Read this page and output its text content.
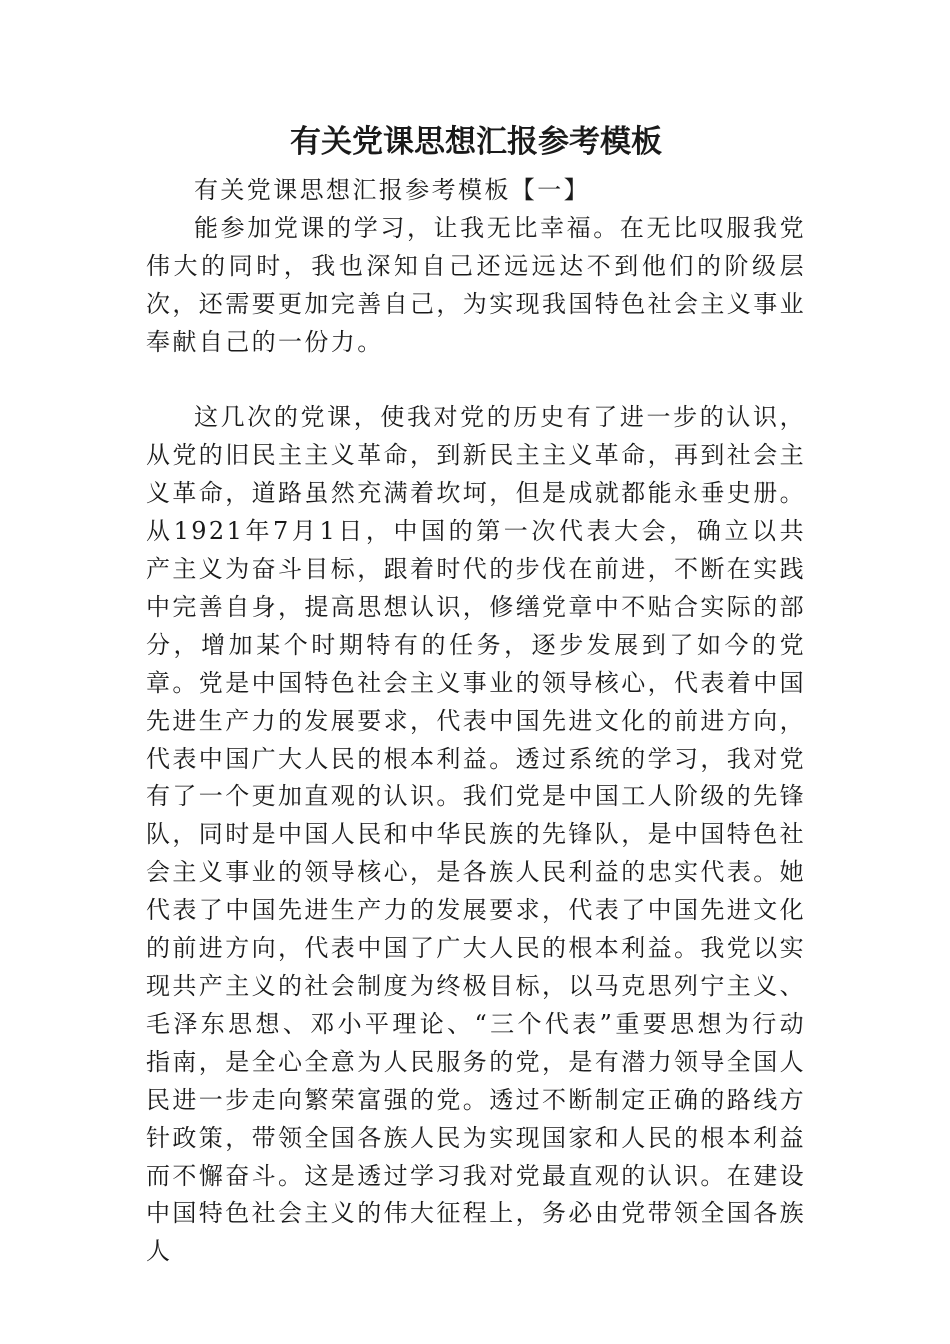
有关党课思想汇报参考模板

有关党课思想汇报参考模板【一】

能参加党课的学习，让我无比幸福。在无比叹服我党伟大的同时，我也深知自己还远远达不到他们的阶级层次，还需要更加完善自己，为实现我国特色社会主义事业奉献自己的一份力。

这几次的党课，使我对党的历史有了进一步的认识，从党的旧民主主义革命，到新民主主义革命，再到社会主义革命，道路虽然充满着坎坷，但是成就都能永垂史册。从1921年7月1日，中国的第一次代表大会，确立以共产主义为奋斗目标，跟着时代的步伐在前进，不断在实践中完善自身，提高思想认识，修缮党章中不贴合实际的部分，增加某个时期特有的任务，逐步发展到了如今的党章。党是中国特色社会主义事业的领导核心，代表着中国先进生产力的发展要求，代表中国先进文化的前进方向，代表中国广大人民的根本利益。透过系统的学习，我对党有了一个更加直观的认识。我们党是中国工人阶级的先锋队，同时是中国人民和中华民族的先锋队，是中国特色社会主义事业的领导核心，是各族人民利益的忠实代表。她代表了中国先进生产力的发展要求，代表了中国先进文化的前进方向，代表中国了广大人民的根本利益。我党以实现共产主义的社会制度为终极目标，以马克思列宁主义、毛泽东思想、邓小平理论、“三个代表”重要思想为行动指南，是全心全意为人民服务的党，是有潜力领导全国人民进一步走向繁荣富强的党。透过不断制定正确的路线方针政策，带领全国各族人民为实现国家和人民的根本利益而不懈奋斗。这是透过学习我对党最直观的认识。在建设中国特色社会主义的伟大征程上，务必由党带领全国各族人
